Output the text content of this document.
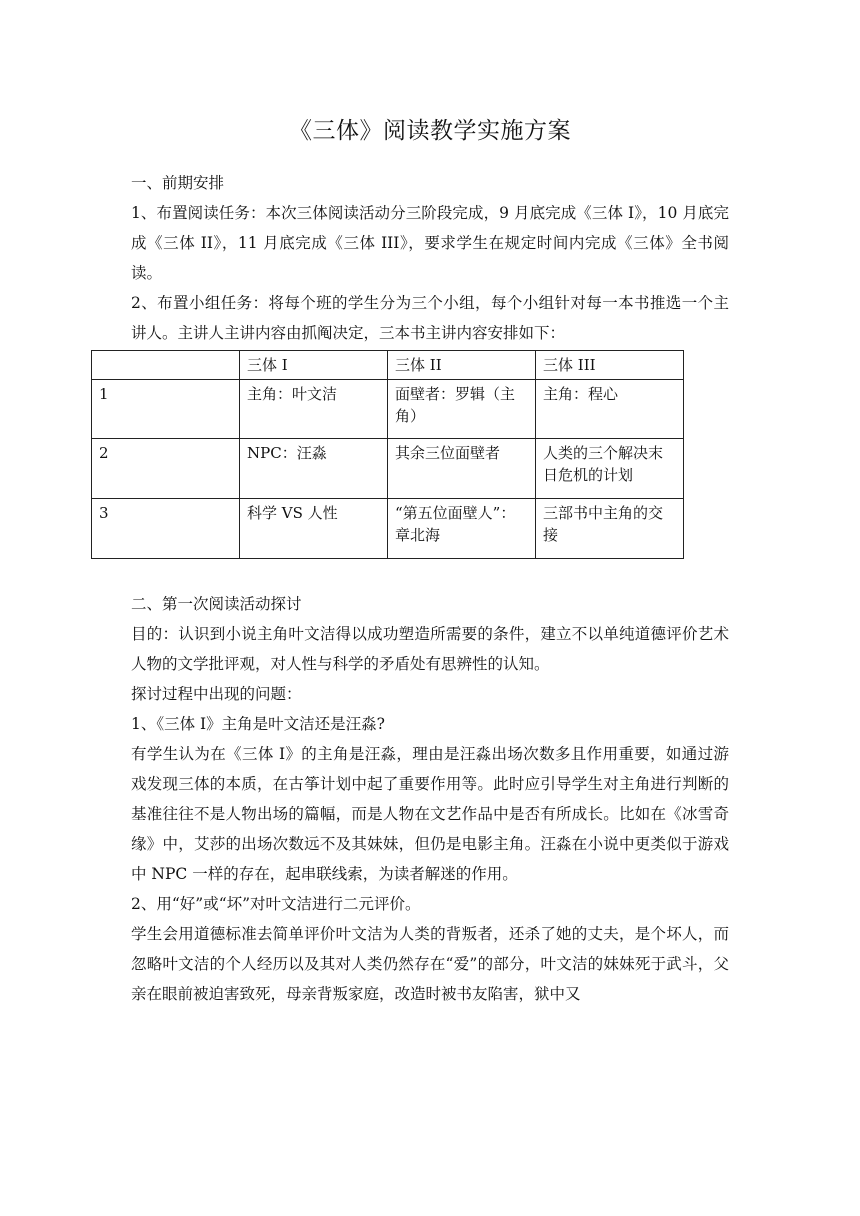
《三体》阅读教学实施方案

一、前期安排

1、布置阅读任务：本次三体阅读活动分三阶段完成，9 月底完成《三体 I》，10 月底完成《三体 II》，11 月底完成《三体 III》，要求学生在规定时间内完成《三体》全书阅读。

2、布置小组任务：将每个班的学生分为三个小组，每个小组针对每一本书推选一个主讲人。主讲人主讲内容由抓阄决定，三本书主讲内容安排如下：

	三体 I	三体 II	三体 III
1	主角：叶文洁	面壁者：罗辑（主角）	主角：程心
2	NPC：汪淼	其余三位面壁者	人类的三个解决末日危机的计划
3	科学 VS 人性	“第五位面壁人”：章北海	三部书中主角的交接

二、第一次阅读活动探讨

目的：认识到小说主角叶文洁得以成功塑造所需要的条件，建立不以单纯道德评价艺术人物的文学批评观，对人性与科学的矛盾处有思辨性的认知。

探讨过程中出现的问题：

1、《三体 I》主角是叶文洁还是汪淼?

有学生认为在《三体 I》的主角是汪淼，理由是汪淼出场次数多且作用重要，如通过游戏发现三体的本质，在古筝计划中起了重要作用等。此时应引导学生对主角进行判断的基准往往不是人物出场的篇幅，而是人物在文艺作品中是否有所成长。比如在《冰雪奇缘》中，艾莎的出场次数远不及其妹妹，但仍是电影主角。汪淼在小说中更类似于游戏中 NPC 一样的存在，起串联线索，为读者解迷的作用。

2、用“好”或“坏”对叶文洁进行二元评价。

学生会用道德标准去简单评价叶文洁为人类的背叛者，还杀了她的丈夫，是个坏人，而忽略叶文洁的个人经历以及其对人类仍然存在“爱”的部分，叶文洁的妹妹死于武斗，父亲在眼前被迫害致死，母亲背叛家庭，改造时被书友陷害，狱中又
